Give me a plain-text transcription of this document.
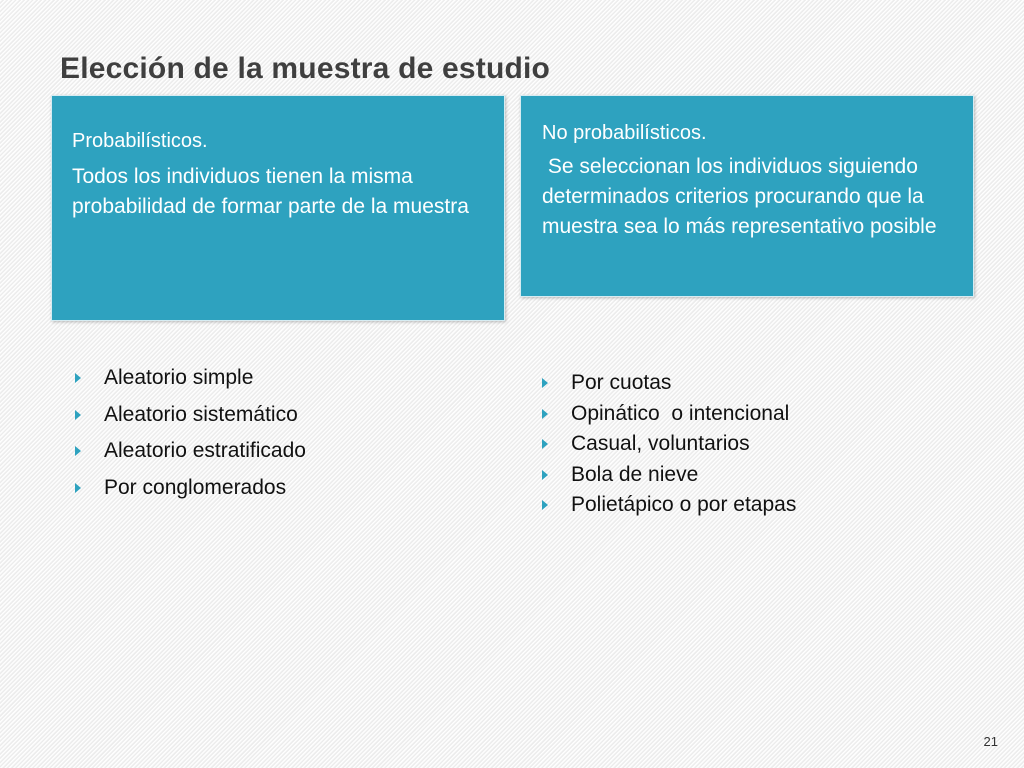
Elección de la muestra de estudio

Probabilísticos.

Todos los individuos tienen la misma probabilidad de formar parte de la muestra

No probabilísticos.

Se seleccionan los individuos siguiendo determinados criterios procurando que la muestra sea lo más representativo posible

Aleatorio simple
Aleatorio sistemático
Aleatorio estratificado
Por conglomerados
Por cuotas
Opinático  o intencional
Casual, voluntarios
Bola de nieve
Polietápico o por etapas
21
